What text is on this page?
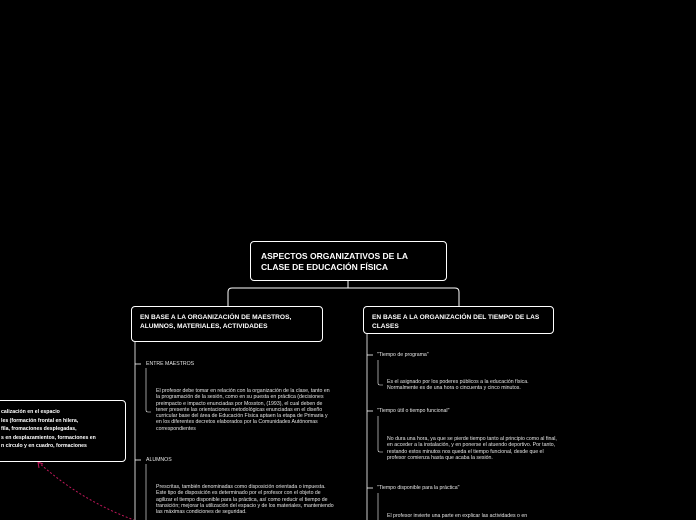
ASPECTOS ORGANIZATIVOS DE LA CLASE DE EDUCACIÓN FÍSICA
EN BASE A LA ORGANIZACIÓN DE MAESTROS, ALUMNOS, MATERIALES, ACTIVIDADES
EN BASE A LA ORGANIZACIÓN DEL TIEMPO DE LAS CLASES
ENTRE MAESTROS
El profesor debe tomar en relación con la organización de la clase, tanto en la programación de la sesión, como en su puesta en práctica (decisiones preimpacto e impacto enunciadas por Mosston, (1993), el cual deben de tener presente las orientaciones metodológicas enunciadas en el diseño curricular base del área de Educación Física aptaen la etapa de Primaria y en los diferentes decretos elaborados por la Comunidades Autónomas correspondientes
ALUMNOS
Prescritas, también denominadas como disposición orientada o impuesta. Este tipo de disposición es determinado por el profesor con el objeto de agilizar el tiempo disponible para la práctica, así como reducir el tiempo de transición; mejorar la utilización del espacio y de los materiales, manteniendo las máximas condiciones de seguridad.
"Tiempo de programa"
Es el asignado por los poderes públicos a la educación física. Normalmente es de una hora o cincuenta y cinco minutos.
"Tiempo útil o tiempo funcional"
No dura una hora, ya que se pierde tiempo tanto al principio como al final, en acceder a la instalación, y en ponerse el atuendo deportivo. Por tanto, restando estos minutos nos queda el tiempo funcional, desde que el profesor comienza hasta que acaba la sesión.
"Tiempo disponible para la práctica"
El profesor invierte una parte en explicar las actividades o en
calización en el espacio
les (formación frontal en hilera,
fila, fromaciones desplegadas,
s en desplazamientos, formaciones en
n circulo y en cuadro, formaciones
